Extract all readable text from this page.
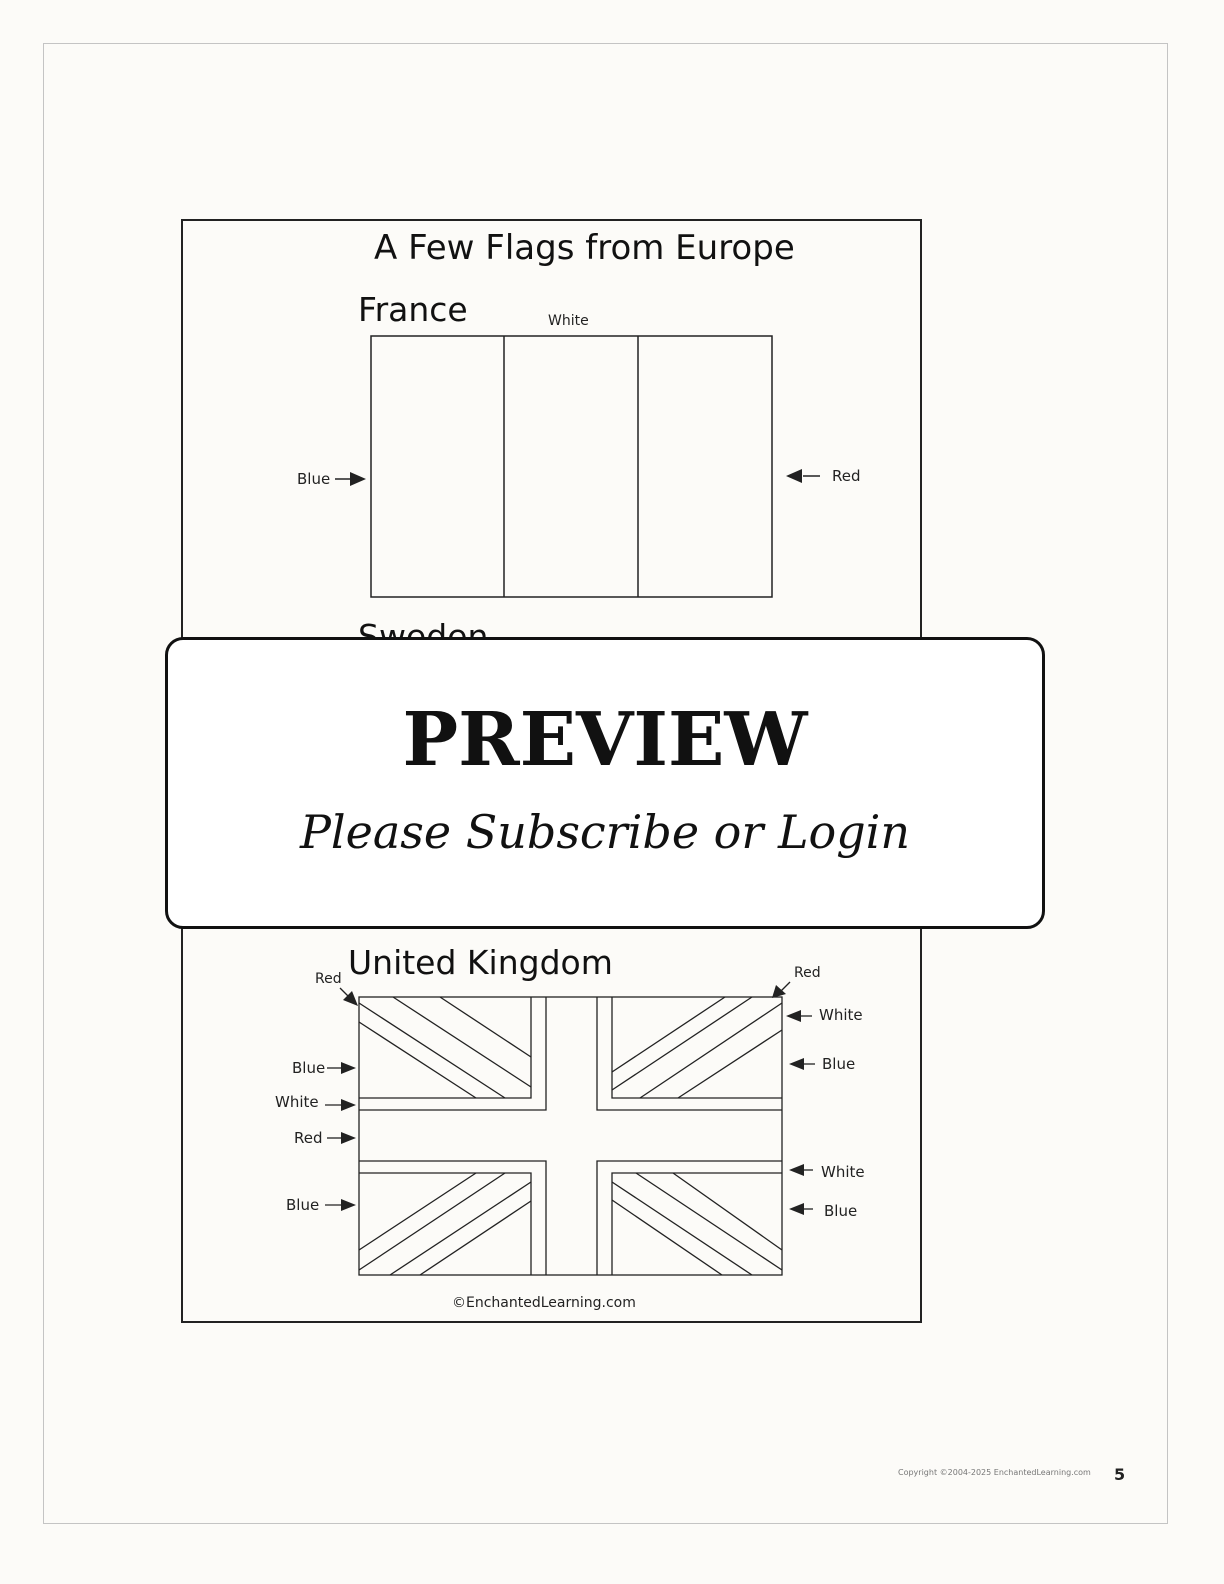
A Few Flags from Europe
France	White
Blue	Red
United Kingdom
Red	Red
Blue
White
Red
Blue
White
Blue
White
Blue
©EnchantedLearning.com
PREVIEW
Please Subscribe or Login
Copyright ©2004-2025 EnchantedLearning.com 5
